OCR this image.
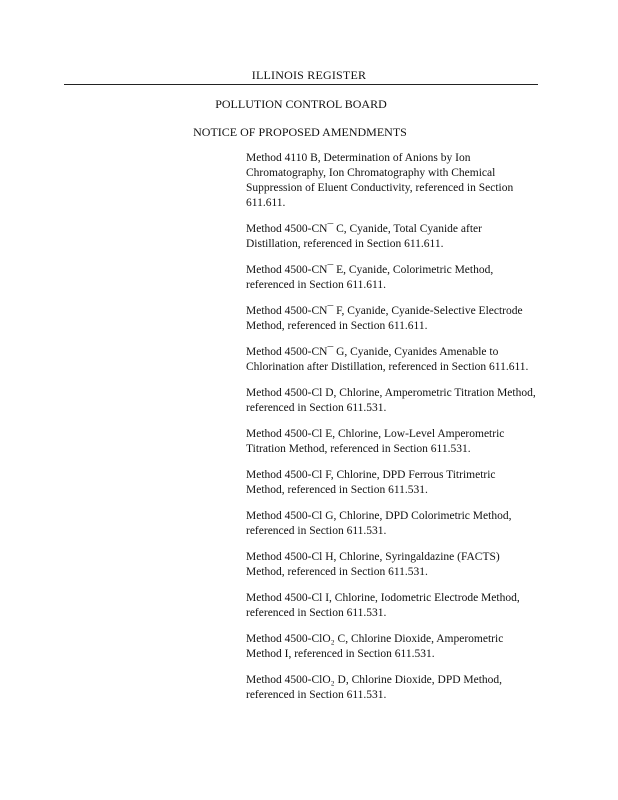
ILLINOIS REGISTER
POLLUTION CONTROL BOARD
NOTICE OF PROPOSED AMENDMENTS
Method 4110 B, Determination of Anions by Ion Chromatography, Ion Chromatography with Chemical Suppression of Eluent Conductivity, referenced in Section 611.611.
Method 4500-CN¯ C, Cyanide, Total Cyanide after Distillation, referenced in Section 611.611.
Method 4500-CN¯ E, Cyanide, Colorimetric Method, referenced in Section 611.611.
Method 4500-CN¯ F, Cyanide, Cyanide-Selective Electrode Method, referenced in Section 611.611.
Method 4500-CN¯ G, Cyanide, Cyanides Amenable to Chlorination after Distillation, referenced in Section 611.611.
Method 4500-Cl D, Chlorine, Amperometric Titration Method, referenced in Section 611.531.
Method 4500-Cl E, Chlorine, Low-Level Amperometric Titration Method, referenced in Section 611.531.
Method 4500-Cl F, Chlorine, DPD Ferrous Titrimetric Method, referenced in Section 611.531.
Method 4500-Cl G, Chlorine, DPD Colorimetric Method, referenced in Section 611.531.
Method 4500-Cl H, Chlorine, Syringaldazine (FACTS) Method, referenced in Section 611.531.
Method 4500-Cl I, Chlorine, Iodometric Electrode Method, referenced in Section 611.531.
Method 4500-ClO₂ C, Chlorine Dioxide, Amperometric Method I, referenced in Section 611.531.
Method 4500-ClO₂ D, Chlorine Dioxide, DPD Method, referenced in Section 611.531.
